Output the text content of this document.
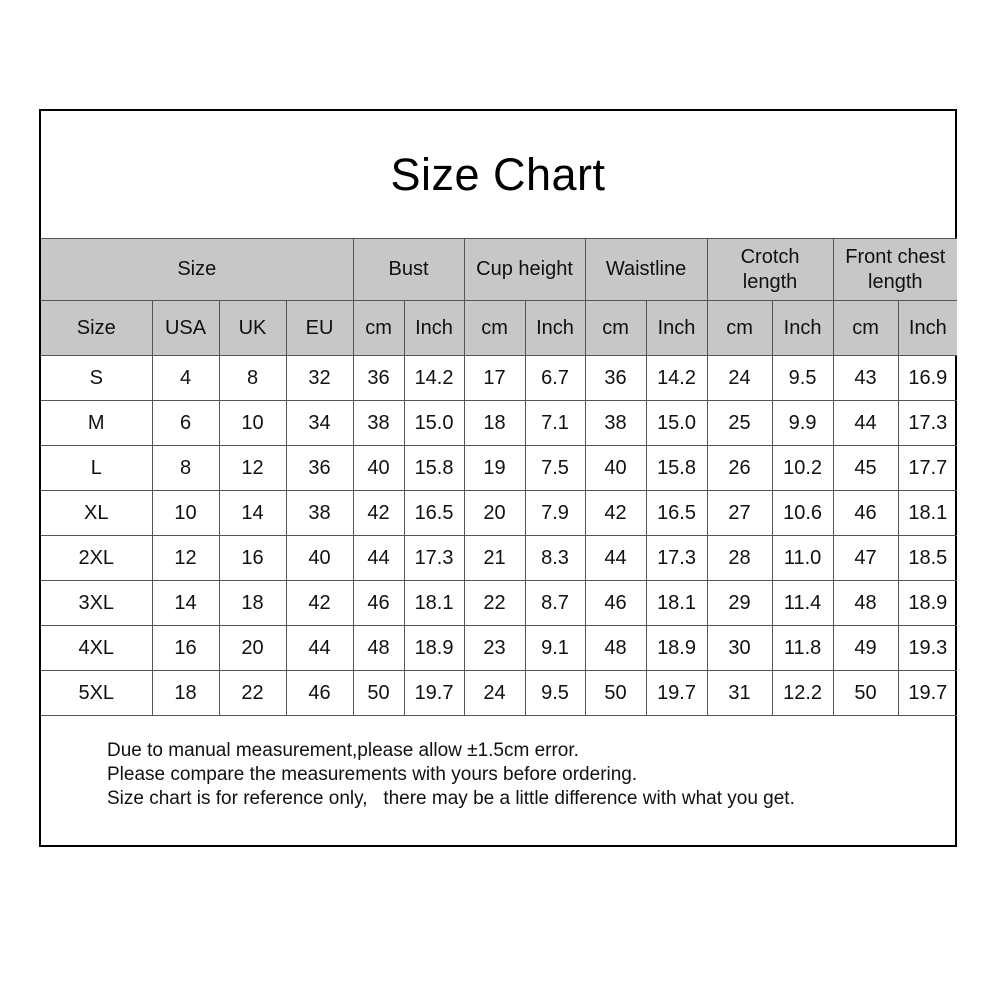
Size Chart
Size				Bust		Cup height		Waistline		Crotch length		Front chest length	
Size	USA	UK	EU	cm	Inch	cm	Inch	cm	Inch	cm	Inch	cm	Inch
S	4	8	32	36	14.2	17	6.7	36	14.2	24	9.5	43	16.9
M	6	10	34	38	15.0	18	7.1	38	15.0	25	9.9	44	17.3
L	8	12	36	40	15.8	19	7.5	40	15.8	26	10.2	45	17.7
XL	10	14	38	42	16.5	20	7.9	42	16.5	27	10.6	46	18.1
2XL	12	16	40	44	17.3	21	8.3	44	17.3	28	11.0	47	18.5
3XL	14	18	42	46	18.1	22	8.7	46	18.1	29	11.4	48	18.9
4XL	16	20	44	48	18.9	23	9.1	48	18.9	30	11.8	49	19.3
5XL	18	22	46	50	19.7	24	9.5	50	19.7	31	12.2	50	19.7
Due to manual measurement,please allow ±1.5cm error.
Please compare the measurements with yours before ordering.
Size chart is for reference only,   there may be a little difference with what you get.
